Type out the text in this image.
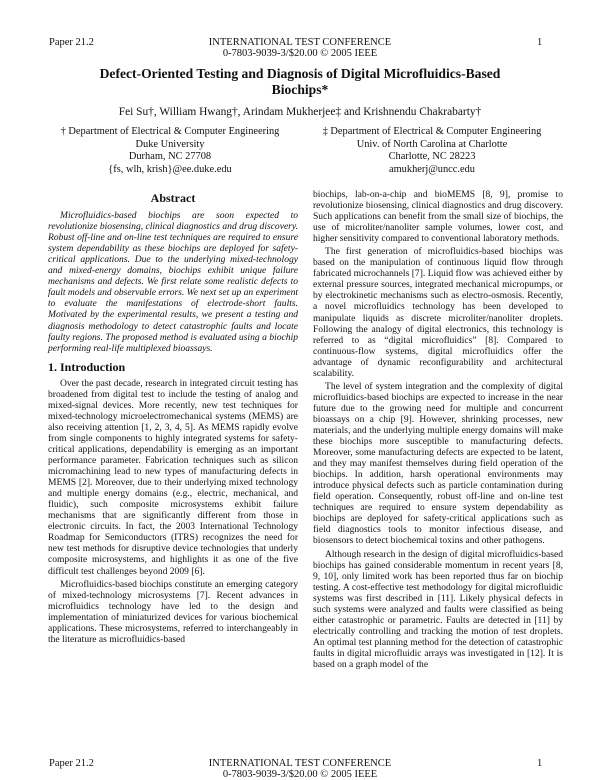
Paper 21.2	INTERNATIONAL TEST CONFERENCE
0-7803-9039-3/$20.00 © 2005 IEEE
1
Defect-Oriented Testing and Diagnosis of Digital Microfluidics-Based Biochips*
Fei Su†, William Hwang†, Arindam Mukherjee‡ and Krishnendu Chakrabarty†
† Department of Electrical & Computer Engineering
Duke University
Durham, NC 27708
{fs, wlh, krish}@ee.duke.edu
‡ Department of Electrical & Computer Engineering
Univ. of North Carolina at Charlotte
Charlotte, NC 28223
amukherj@uncc.edu
Abstract

Microfluidics-based biochips are soon expected to revolutionize biosensing, clinical diagnostics and drug discovery. Robust off-line and on-line test techniques are required to ensure system dependability as these biochips are deployed for safety-critical applications. Due to the underlying mixed-technology and mixed-energy domains, biochips exhibit unique failure mechanisms and defects. We first relate some realistic defects to fault models and observable errors. We next set up an experiment to evaluate the manifestations of electrode-short faults. Motivated by the experimental results, we present a testing and diagnosis methodology to detect catastrophic faults and locate faulty regions. The proposed method is evaluated using a biochip performing real-life multiplexed bioassays.

1. Introduction

Over the past decade, research in integrated circuit testing has broadened from digital test to include the testing of analog and mixed-signal devices. More recently, new test techniques for mixed-technology microelectromechanical systems (MEMS) are also receiving attention [1, 2, 3, 4, 5]. As MEMS rapidly evolve from single components to highly integrated systems for safety-critical applications, dependability is emerging as an important performance parameter. Fabrication techniques such as silicon micromachining lead to new types of manufacturing defects in MEMS [2]. Moreover, due to their underlying mixed technology and multiple energy domains (e.g., electric, mechanical, and fluidic), such composite microsystems exhibit failure mechanisms that are significantly different from those in electronic circuits. In fact, the 2003 International Technology Roadmap for Semiconductors (ITRS) recognizes the need for new test methods for disruptive device technologies that underly composite microsystems, and highlights it as one of the five difficult test challenges beyond 2009 [6].

Microfluidics-based biochips constitute an emerging category of mixed-technology microsystems [7]. Recent advances in microfluidics technology have led to the design and implementation of miniaturized devices for various biochemical applications. These microsystems, referred to interchangeably in the literature as microfluidics-based

biochips, lab-on-a-chip and bioMEMS [8, 9], promise to revolutionize biosensing, clinical diagnostics and drug discovery. Such applications can benefit from the small size of biochips, the use of microliter/nanoliter sample volumes, lower cost, and higher sensitivity compared to conventional laboratory methods.

The first generation of microfluidics-based biochips was based on the manipulation of continuous liquid flow through fabricated microchannels [7]. Liquid flow was achieved either by external pressure sources, integrated mechanical micropumps, or by electrokinetic mechanisms such as electro-osmosis. Recently, a novel microfluidics technology has been developed to manipulate liquids as discrete microliter/nanoliter droplets. Following the analogy of digital electronics, this technology is referred to as “digital microfluidics” [8]. Compared to continuous-flow systems, digital microfluidics offer the advantage of dynamic reconfigurability and architectural scalability.

The level of system integration and the complexity of digital microfluidics-based biochips are expected to increase in the near future due to the growing need for multiple and concurrent bioassays on a chip [9]. However, shrinking processes, new materials, and the underlying multiple energy domains will make these biochips more susceptible to manufacturing defects. Moreover, some manufacturing defects are expected to be latent, and they may manifest themselves during field operation of the biochips. In addition, harsh operational environments may introduce physical defects such as particle contamination during field operation. Consequently, robust off-line and on-line test techniques are required to ensure system dependability as biochips are deployed for safety-critical applications such as field diagnostics tools to monitor infectious disease, and biosensors to detect biochemical toxins and other pathogens.

Although research in the design of digital microfluidics-based biochips has gained considerable momentum in recent years [8, 9, 10], only limited work has been reported thus far on biochip testing. A cost-effective test methodology for digital microfluidic systems was first described in [11]. Likely physical defects in such systems were analyzed and faults were classified as being either catastrophic or parametric. Faults are detected in [11] by electrically controlling and tracking the motion of test droplets. An optimal test planning method for the detection of catastrophic faults in digital microfluidic arrays was investigated in [12]. It is based on a graph model of the

Paper 21.2	INTERNATIONAL TEST CONFERENCE
0-7803-9039-3/$20.00 © 2005 IEEE
1
